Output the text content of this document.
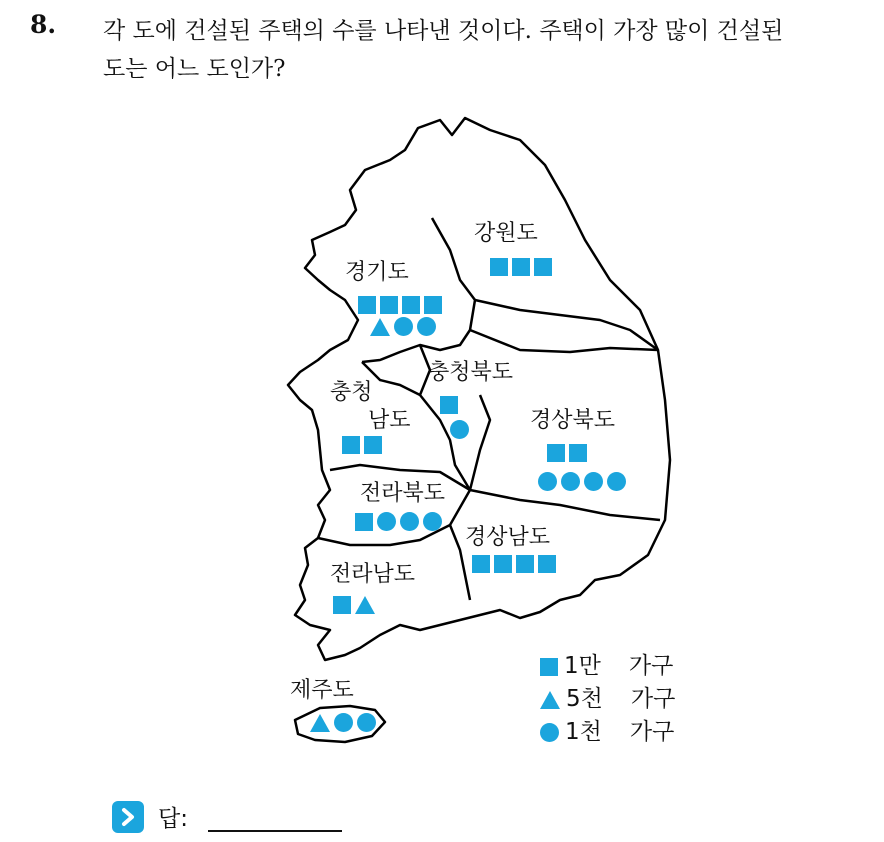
8. 각 도에 건설된 주택의 수를 나타낸 것이다. 주택이 가장 많이 건설된
도는 어느 도인가?
강원도
경기도
충청북도
충청
남도	경상북도
전라북도
경상남도
전라남도
제주도
1만 가구
5천 가구
1천 가구
답:
